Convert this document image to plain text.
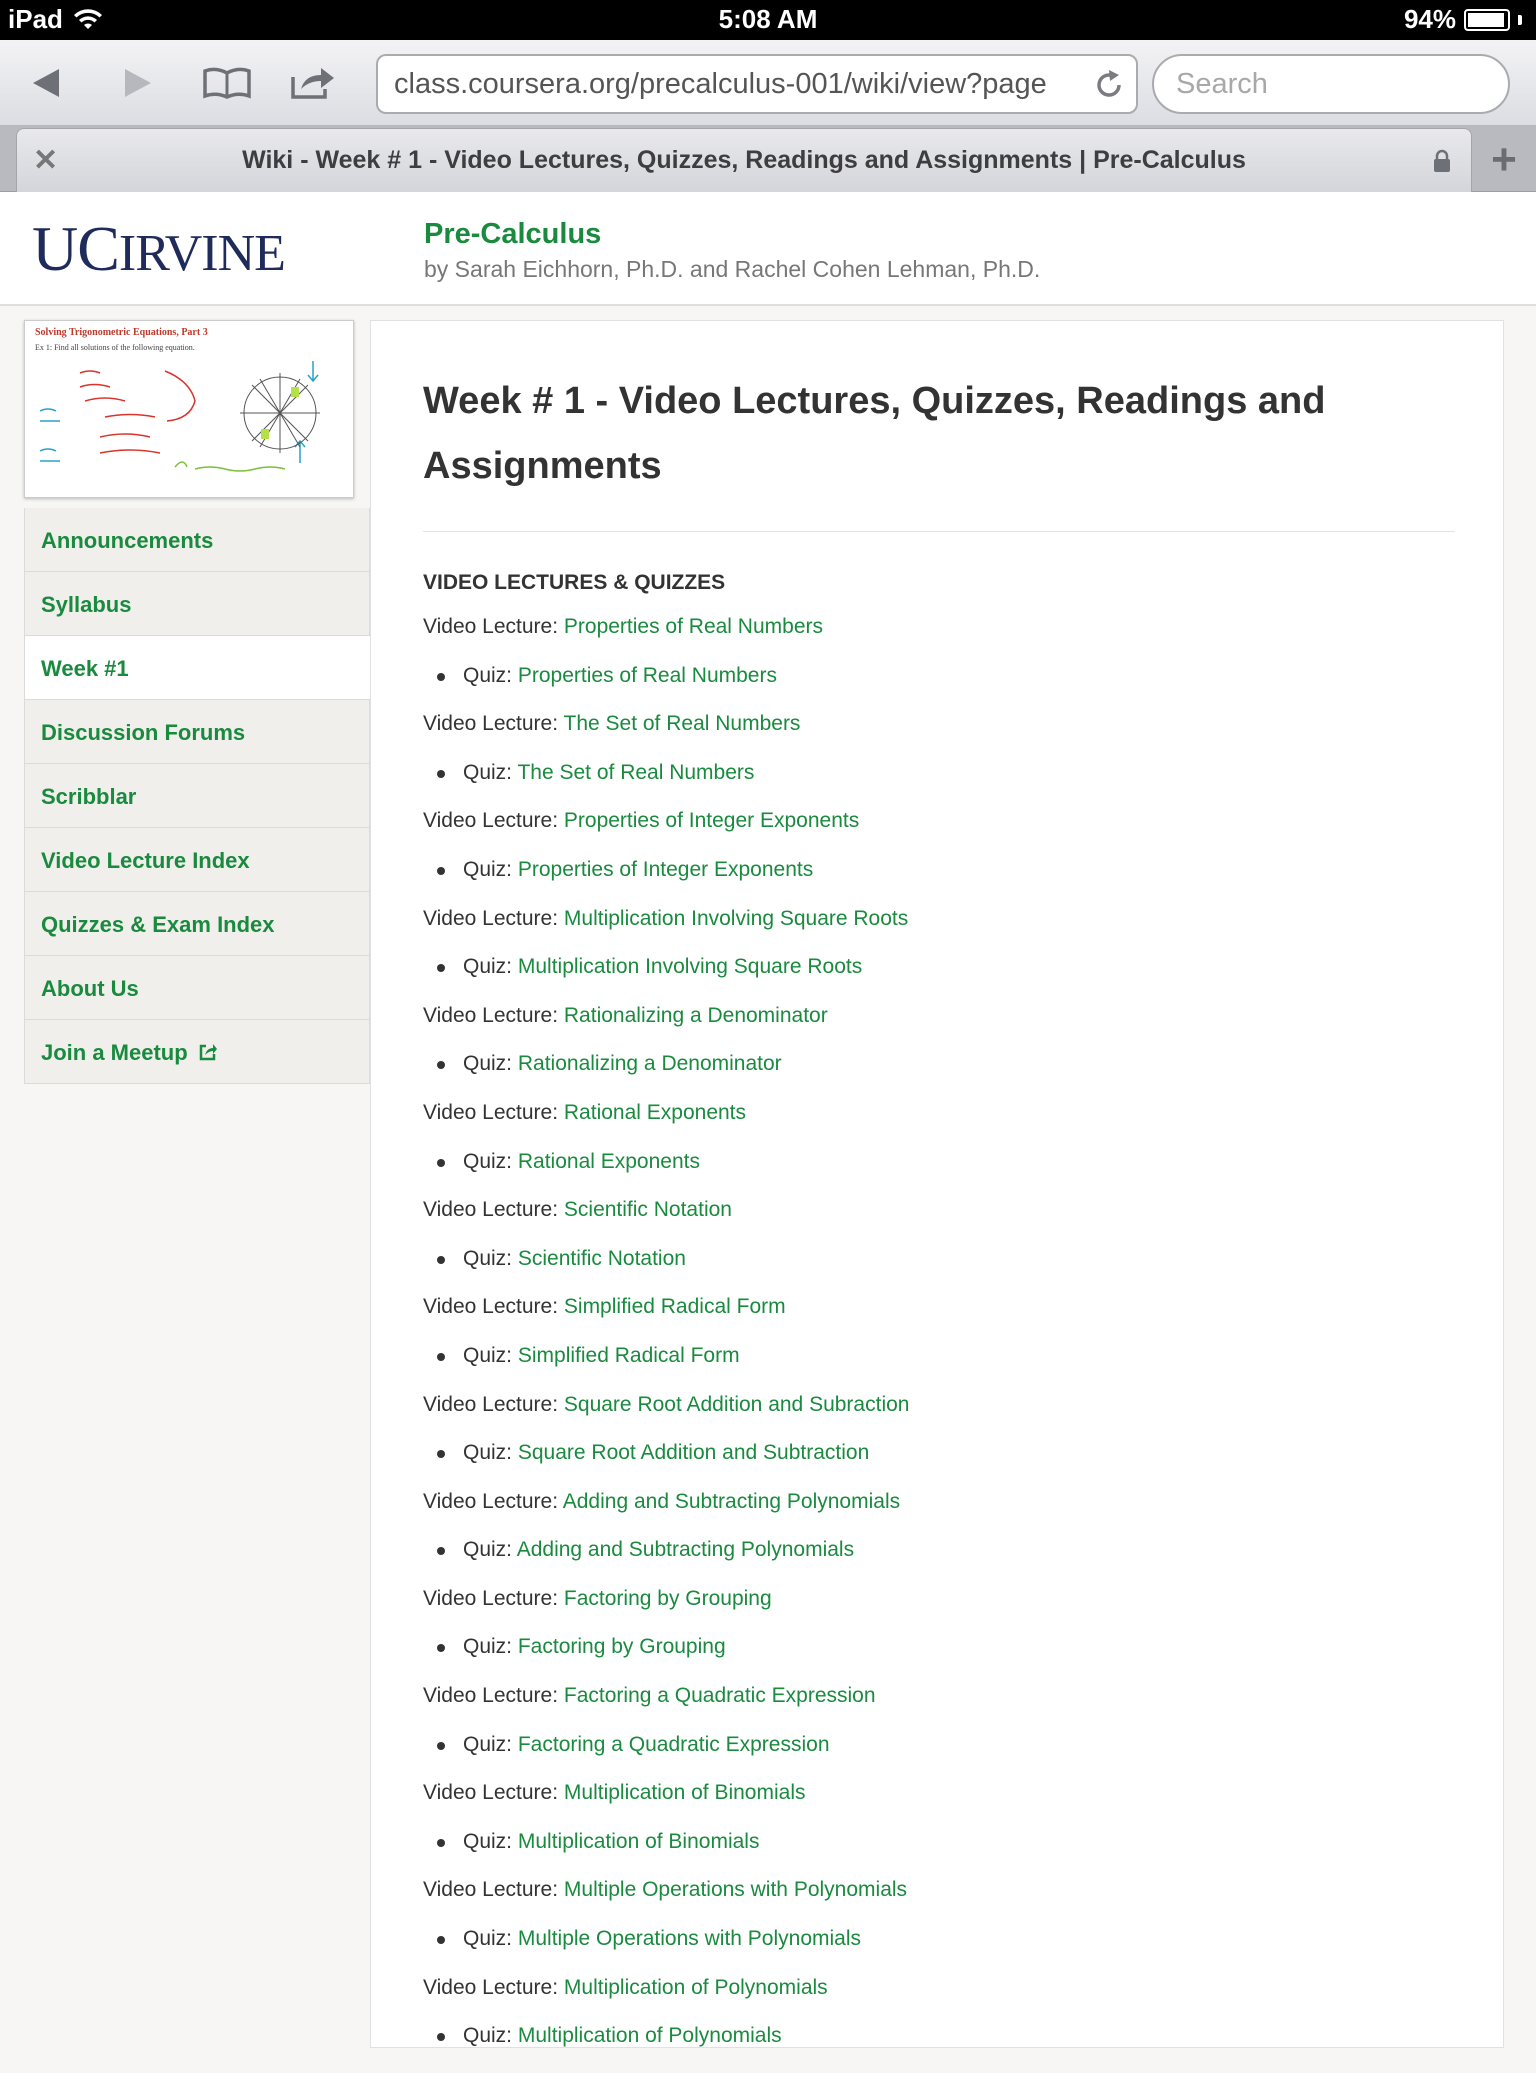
iPad	5:08 AM	94%
class.coursera.org/precalculus-001/wiki/view?page	Search
✕	Wiki - Week # 1 - Video Lectures, Quizzes, Readings and Assignments | Pre-Calculus	+
UCIRVINE	Pre-Calculus
by Sarah Eichhorn, Ph.D. and Rachel Cohen Lehman, Ph.D.
Solving Trigonometric Equations, Part 3
Ex 1: Find all solutions of the following equation.
Announcements
Syllabus
Week #1
Discussion Forums
Scribblar
Video Lecture Index
Quizzes & Exam Index
About Us
Join a Meetup
Week # 1 - Video Lectures, Quizzes, Readings and Assignments
VIDEO LECTURES & QUIZZES
Video Lecture: Properties of Real Numbers
Quiz: Properties of Real Numbers
Video Lecture: The Set of Real Numbers
Quiz: The Set of Real Numbers
Video Lecture: Properties of Integer Exponents
Quiz: Properties of Integer Exponents
Video Lecture: Multiplication Involving Square Roots
Quiz: Multiplication Involving Square Roots
Video Lecture: Rationalizing a Denominator
Quiz: Rationalizing a Denominator
Video Lecture: Rational Exponents
Quiz: Rational Exponents
Video Lecture: Scientific Notation
Quiz: Scientific Notation
Video Lecture: Simplified Radical Form
Quiz: Simplified Radical Form
Video Lecture: Square Root Addition and Subraction
Quiz: Square Root Addition and Subtraction
Video Lecture: Adding and Subtracting Polynomials
Quiz: Adding and Subtracting Polynomials
Video Lecture: Factoring by Grouping
Quiz: Factoring by Grouping
Video Lecture: Factoring a Quadratic Expression
Quiz: Factoring a Quadratic Expression
Video Lecture: Multiplication of Binomials
Quiz: Multiplication of Binomials
Video Lecture: Multiple Operations with Polynomials
Quiz: Multiple Operations with Polynomials
Video Lecture: Multiplication of Polynomials
Quiz: Multiplication of Polynomials
